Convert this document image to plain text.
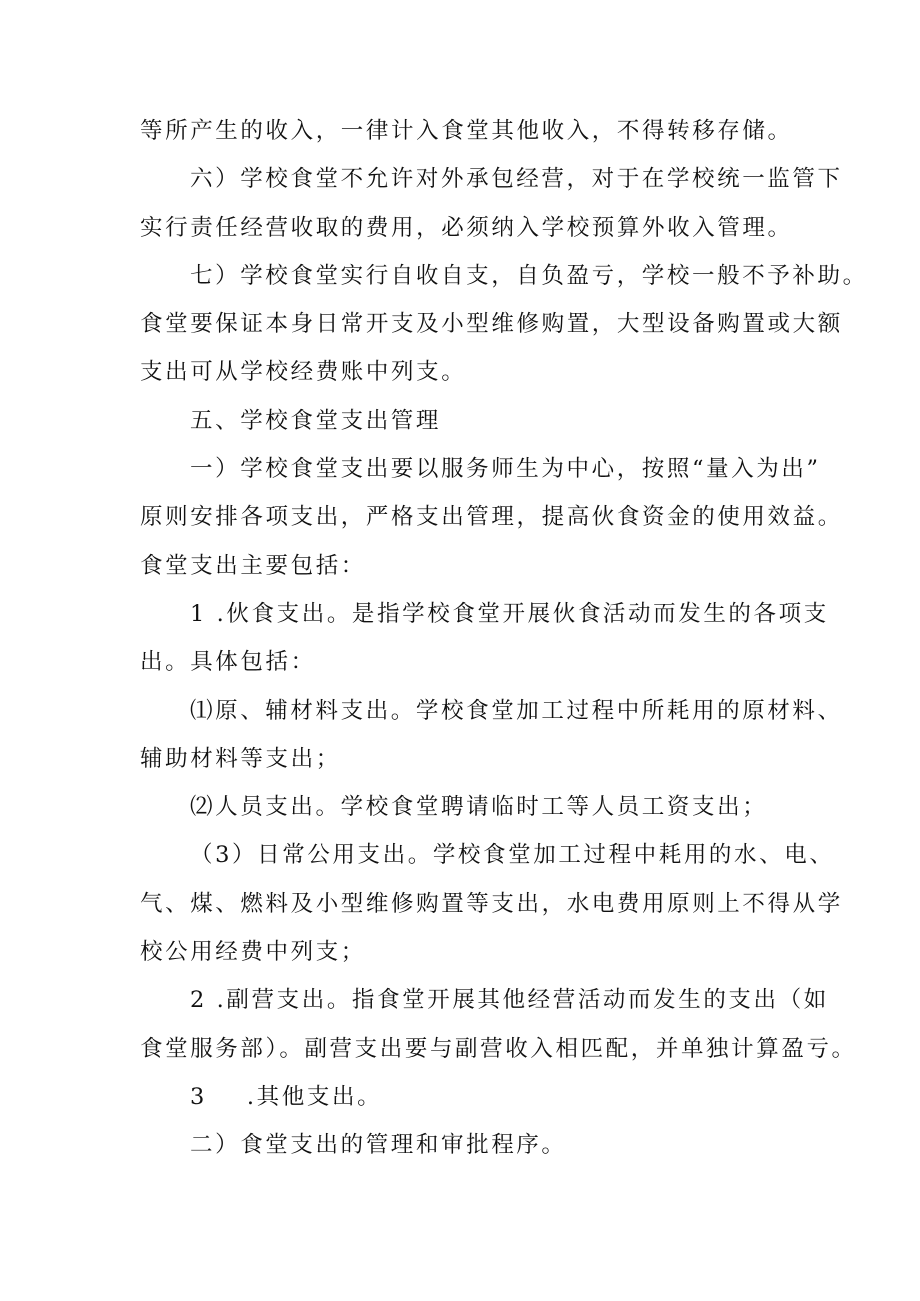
等所产生的收入，一律计入食堂其他收入，不得转移存储。
六）学校食堂不允许对外承包经营，对于在学校统一监管下
实行责任经营收取的费用，必须纳入学校预算外收入管理。
七）学校食堂实行自收自支，自负盈亏，学校一般不予补助。
食堂要保证本身日常开支及小型维修购置，大型设备购置或大额
支出可从学校经费账中列支。
五、学校食堂支出管理
一）学校食堂支出要以服务师生为中心，按照“量入为出”
原则安排各项支出，严格支出管理，提高伙食资金的使用效益。
食堂支出主要包括：
1 .伙食支出。是指学校食堂开展伙食活动而发生的各项支
出。具体包括：
⑴原、辅材料支出。学校食堂加工过程中所耗用的原材料、
辅助材料等支出；
⑵人员支出。学校食堂聘请临时工等人员工资支出；
（3）日常公用支出。学校食堂加工过程中耗用的水、电、
气、煤、燃料及小型维修购置等支出，水电费用原则上不得从学
校公用经费中列支；
2 .副营支出。指食堂开展其他经营活动而发生的支出（如
食堂服务部）。副营支出要与副营收入相匹配，并单独计算盈亏。
3 .其他支出。
二）食堂支出的管理和审批程序。
